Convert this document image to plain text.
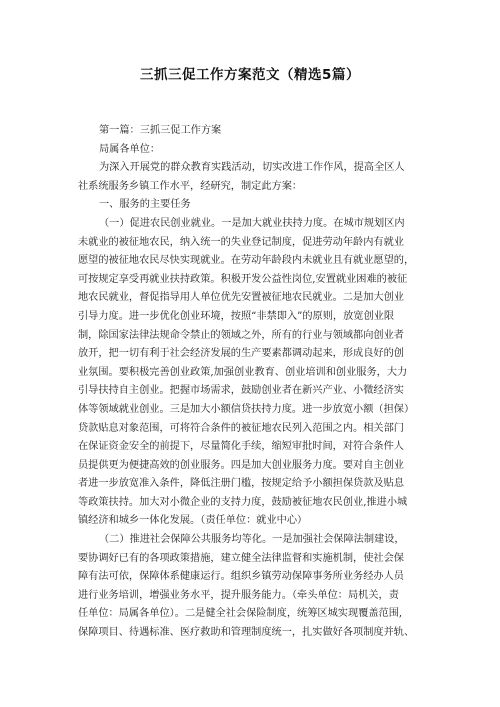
三抓三促工作方案范文（精选5篇）

第一篇：三抓三促工作方案

局属各单位：

为深入开展党的群众教育实践活动，切实改进工作作风，提高全区人
社系统服务乡镇工作水平，经研究，制定此方案：

一、服务的主要任务

（一）促进农民创业就业。一是加大就业扶持力度。在城市规划区内
未就业的被征地农民，纳入统一的失业登记制度，促进劳动年龄内有就业
愿望的被征地农民尽快实现就业。在劳动年龄段内未就业且有就业愿望的，
可按规定享受再就业扶持政策。积极开发公益性岗位,安置就业困难的被征
地农民就业，督促指导用人单位优先安置被征地农民就业。二是加大创业
引导力度。进一步优化创业环境，按照“非禁即入”的原则，放宽创业限
制，除国家法律法规命令禁止的领域之外，所有的行业与领域都向创业者
放开，把一切有利于社会经济发展的生产要素都调动起来，形成良好的创
业氛围。要积极完善创业政策,加强创业教育、创业培训和创业服务，大力
引导扶持自主创业。把握市场需求，鼓励创业者在新兴产业、小微经济实
体等领域就业创业。三是加大小额信贷扶持力度。进一步放宽小额（担保）
贷款贴息对象范围，可将符合条件的被征地农民列入范围之内。相关部门
在保证资金安全的前提下，尽量简化手续，缩短审批时间，对符合条件人
员提供更为便捷高效的创业服务。四是加大创业服务力度。要对自主创业
者进一步放宽准入条件，降低注册门槛，按规定给予小额担保贷款及贴息
等政策扶持。加大对小微企业的支持力度，鼓励被征地农民创业,推进小城
镇经济和城乡一体化发展。（责任单位：就业中心）
（二）推进社会保障公共服务均等化。一是加强社会保障法制建设，
要协调好已有的各项政策措施，建立健全法律监督和实施机制，使社会保
障有法可依，保障体系健康运行。组织乡镇劳动保障事务所业务经办人员
进行业务培训，增强业务水平，提升服务能力。（牵头单位：局机关，责
任单位：局属各单位）。二是健全社会保险制度，统筹区城实现覆盖范围,
保障项目、待遇标准、医疗救助和管理制度统一，扎实做好各项制度并轨、
